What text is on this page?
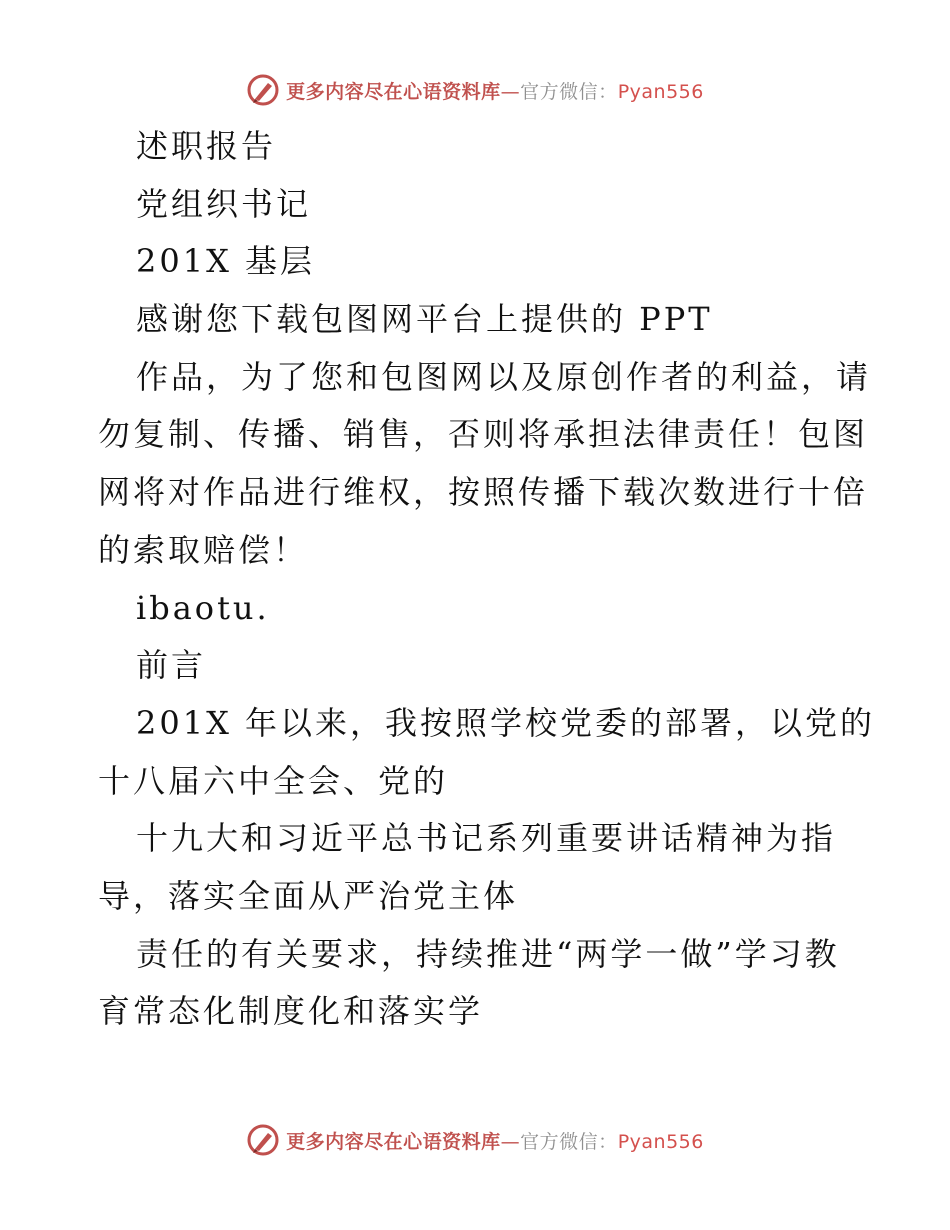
更多内容尽在心语资料库—官方微信：Pyan556
述职报告
党组织书记
201X 基层
感谢您下载包图网平台上提供的 PPT
作品，为了您和包图网以及原创作者的利益，请
勿复制、传播、销售，否则将承担法律责任！包图
网将对作品进行维权，按照传播下载次数进行十倍
的索取赔偿！
ibaotu.
前言
201X 年以来，我按照学校党委的部署，以党的
十八届六中全会、党的
十九大和习近平总书记系列重要讲话精神为指
导，落实全面从严治党主体
责任的有关要求，持续推进“两学一做”学习教
育常态化制度化和落实学
更多内容尽在心语资料库—官方微信：Pyan556
